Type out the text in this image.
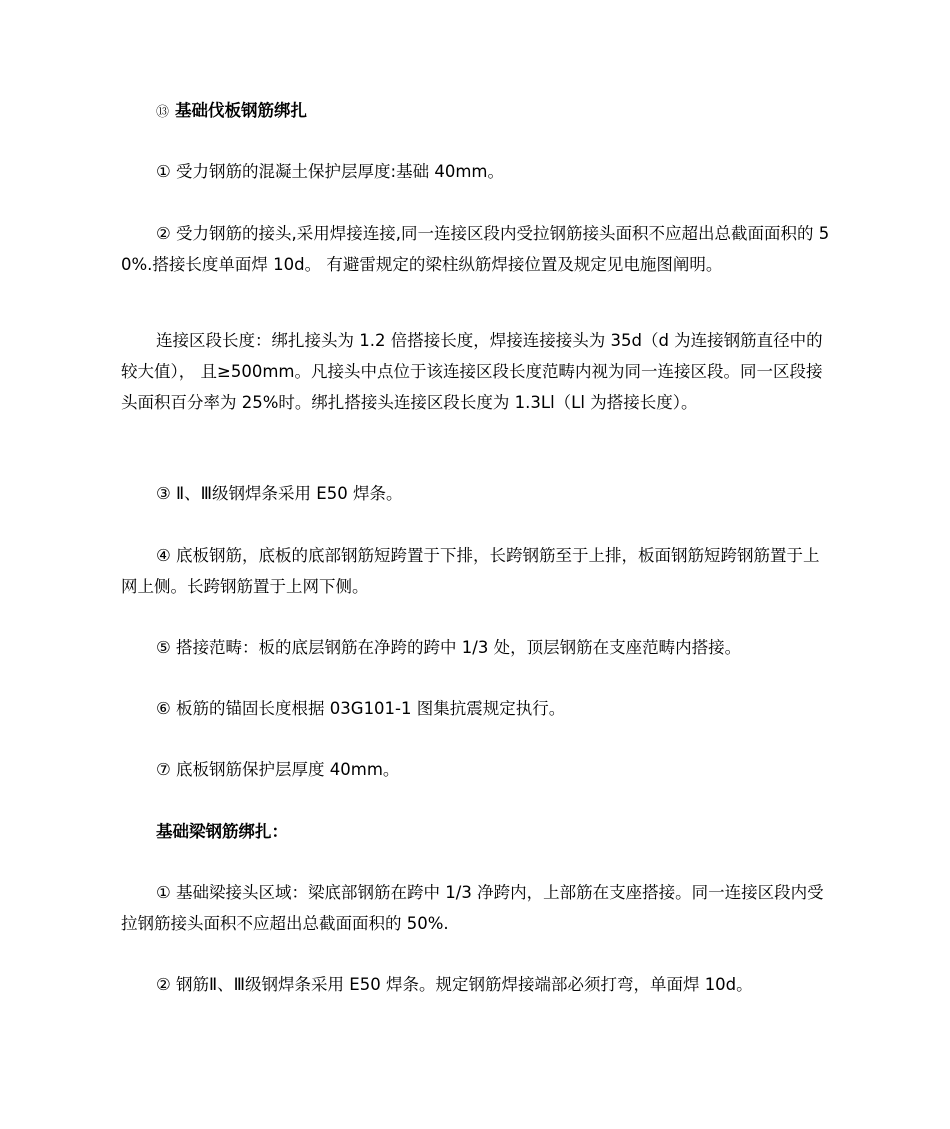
⑬ 基础伐板钢筋绑扎

① 受力钢筋的混凝土保护层厚度:基础 40mm。

② 受力钢筋的接头,采用焊接连接,同一连接区段内受拉钢筋接头面积不应超出总截面面积的 50%.搭接长度单面焊 10d。 有避雷规定的梁柱纵筋焊接位置及规定见电施图阐明。

连接区段长度：绑扎接头为 1.2 倍搭接长度，焊接连接接头为 35d（d 为连接钢筋直径中的较大值）， 且≥500mm。凡接头中点位于该连接区段长度范畴内视为同一连接区段。同一区段接头面积百分率为 25%时。绑扎搭接头连接区段长度为 1.3Ll（Ll 为搭接长度）。

③ Ⅱ、Ⅲ级钢焊条采用 E50 焊条。

④ 底板钢筋，底板的底部钢筋短跨置于下排，长跨钢筋至于上排，板面钢筋短跨钢筋置于上网上侧。长跨钢筋置于上网下侧。

⑤ 搭接范畴：板的底层钢筋在净跨的跨中 1/3 处，顶层钢筋在支座范畴内搭接。

⑥ 板筋的锚固长度根据 03G101-1 图集抗震规定执行。

⑦ 底板钢筋保护层厚度 40mm。

基础梁钢筋绑扎：

① 基础梁接头区域：梁底部钢筋在跨中 1/3 净跨内，上部筋在支座搭接。同一连接区段内受拉钢筋接头面积不应超出总截面面积的 50%.

② 钢筋Ⅱ、Ⅲ级钢焊条采用 E50 焊条。规定钢筋焊接端部必须打弯，单面焊 10d。
